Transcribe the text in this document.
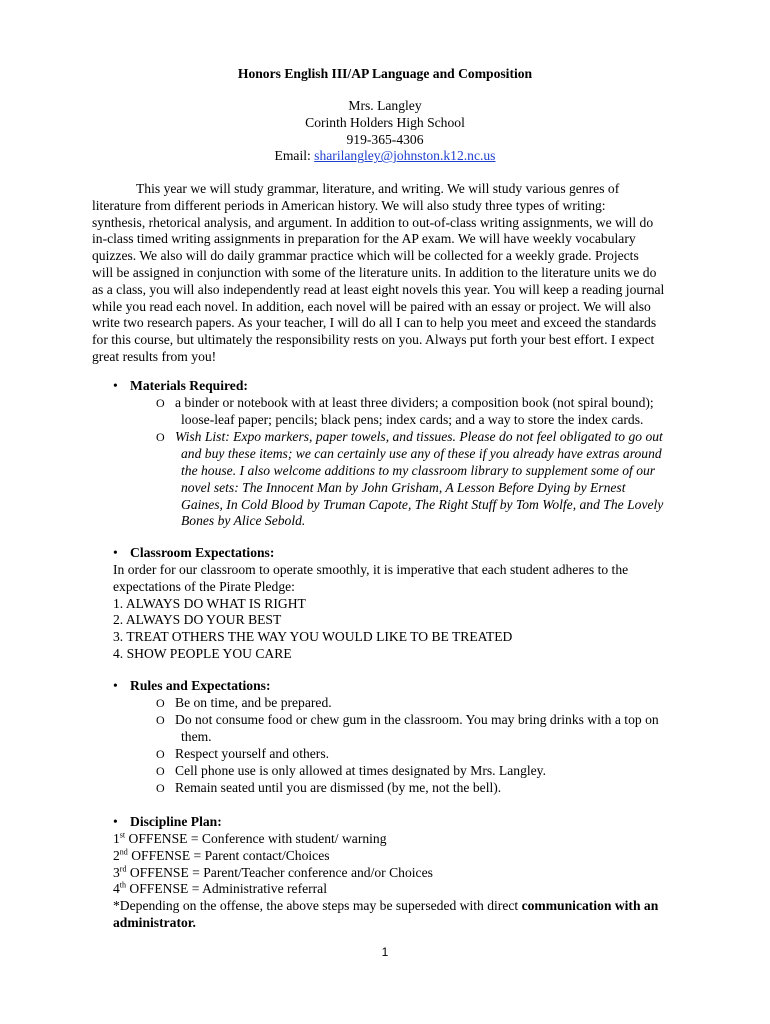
Honors English III/AP Language and Composition
Mrs. Langley
Corinth Holders High School
919-365-4306
Email: sharilangley@johnston.k12.nc.us
This year we will study grammar, literature, and writing. We will study various genres of
literature from different periods in American history. We will also study three types of writing:
synthesis, rhetorical analysis, and argument. In addition to out-of-class writing assignments, we will do
in-class timed writing assignments in preparation for the AP exam. We will have weekly vocabulary
quizzes. We also will do daily grammar practice which will be collected for a weekly grade. Projects
will be assigned in conjunction with some of the literature units. In addition to the literature units we do
as a class, you will also independently read at least eight novels this year. You will keep a reading journal
while you read each novel. In addition, each novel will be paired with an essay or project. We will also
write two research papers. As your teacher, I will do all I can to help you meet and exceed the standards
for this course, but ultimately the responsibility rests on you. Always put forth your best effort. I expect
great results from you!
• Materials Required:
O a binder or notebook with at least three dividers; a composition book (not spiral bound);
loose-leaf paper; pencils; black pens; index cards; and a way to store the index cards.
O Wish List: Expo markers, paper towels, and tissues. Please do not feel obligated to go out
and buy these items; we can certainly use any of these if you already have extras around
the house. I also welcome additions to my classroom library to supplement some of our
novel sets: The Innocent Man by John Grisham, A Lesson Before Dying by Ernest
Gaines, In Cold Blood by Truman Capote, The Right Stuff by Tom Wolfe, and The Lovely
Bones by Alice Sebold.
• Classroom Expectations:
In order for our classroom to operate smoothly, it is imperative that each student adheres to the
expectations of the Pirate Pledge:
1. ALWAYS DO WHAT IS RIGHT
2. ALWAYS DO YOUR BEST
3. TREAT OTHERS THE WAY YOU WOULD LIKE TO BE TREATED
4. SHOW PEOPLE YOU CARE
• Rules and Expectations:
O Be on time, and be prepared.
O Do not consume food or chew gum in the classroom. You may bring drinks with a top on
them.
O Respect yourself and others.
O Cell phone use is only allowed at times designated by Mrs. Langley.
O Remain seated until you are dismissed (by me, not the bell).
• Discipline Plan:
1st OFFENSE = Conference with student/ warning
2nd OFFENSE = Parent contact/Choices
3rd OFFENSE = Parent/Teacher conference and/or Choices
4th OFFENSE = Administrative referral
*Depending on the offense, the above steps may be superseded with direct communication with an
administrator.
1
